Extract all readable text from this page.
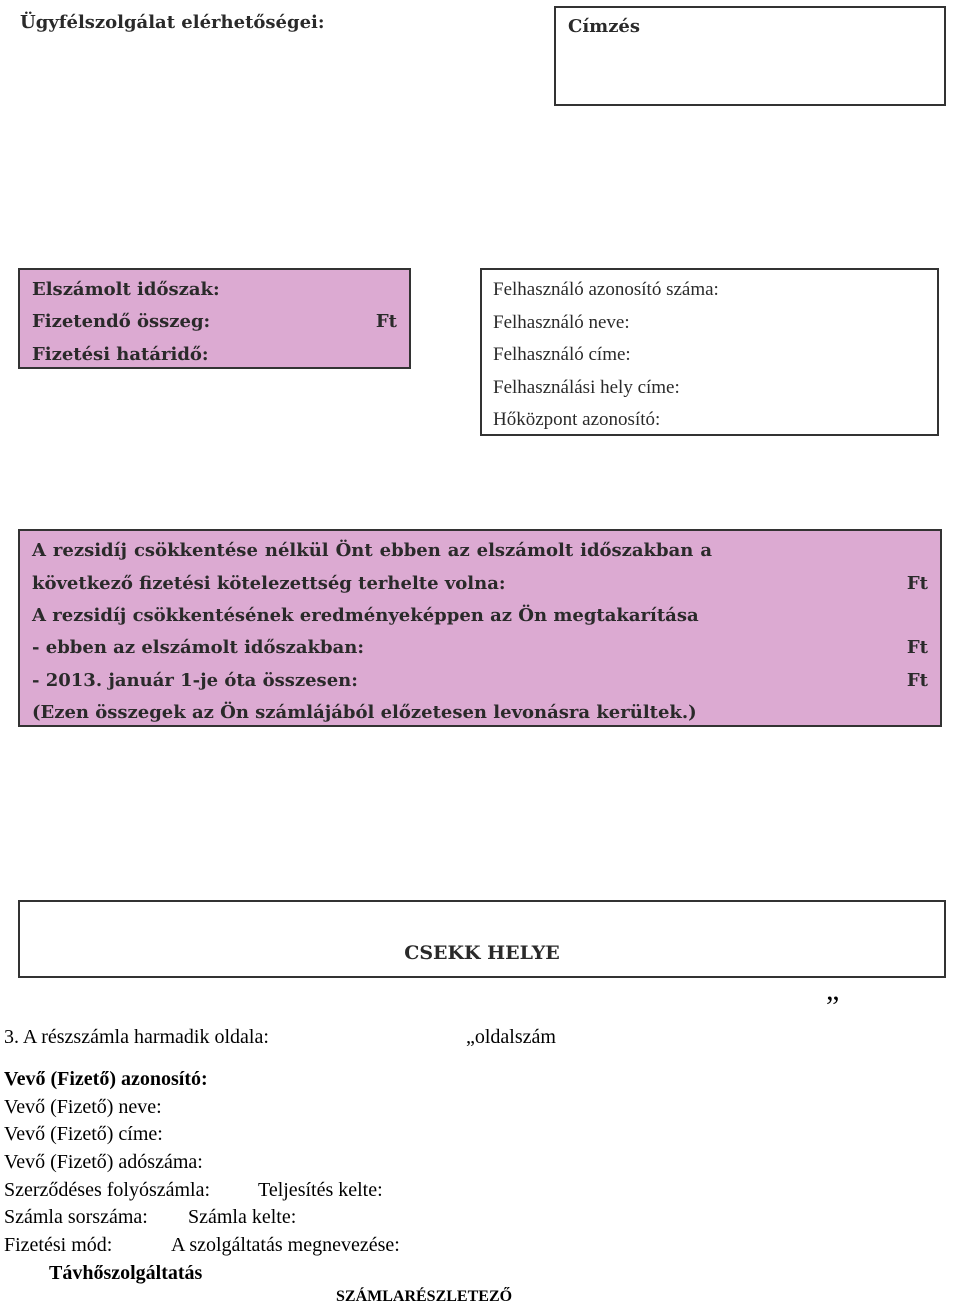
Ügyfélszolgálat elérhetőségei:	Címzés
Elszámolt időszak:
Fizetendő összeg:	Ft
Fizetési határidő:
Felhasználó azonosító száma:
Felhasználó neve:
Felhasználó címe:
Felhasználási hely címe:
Hőközpont azonosító:
A rezsidíj csökkentése nélkül Önt ebben az elszámolt időszakban a
következő fizetési kötelezettség terhelte volna:	Ft
A rezsidíj csökkentésének eredményeképpen az Ön megtakarítása
- ebben az elszámolt időszakban:	Ft
- 2013. január 1-je óta összesen:	Ft
(Ezen összegek az Ön számlájából előzetesen levonásra kerültek.)
CSEKK HELYE
”
3. A részszámla harmadik oldala:	„oldalszám
Vevő (Fizető) azonosító:
Vevő (Fizető) neve:
Vevő (Fizető) címe:
Vevő (Fizető) adószáma:
Szerződéses folyószámla: Teljesítés kelte:
Számla sorszáma: Számla kelte:
Fizetési mód:	A szolgáltatás megnevezése:
Távhőszolgáltatás
SZÁMLARÉSZLETEZŐ
